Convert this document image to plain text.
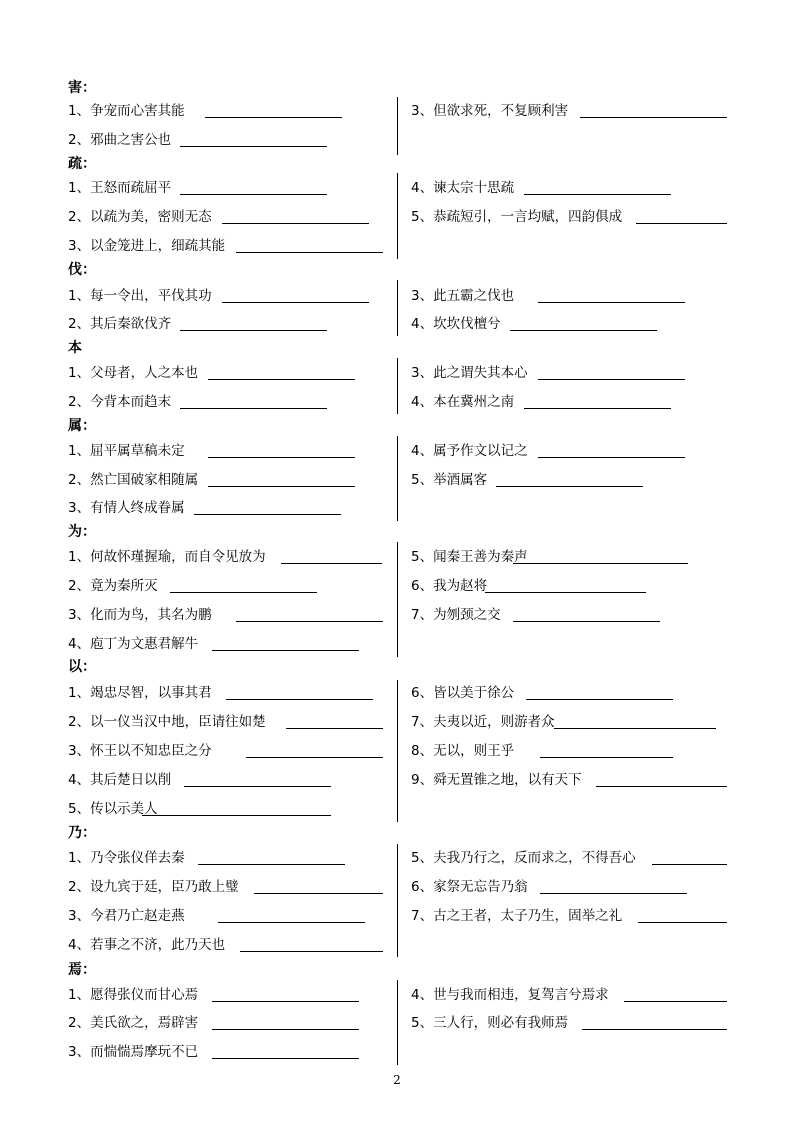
2
害：
1、争宠而心害其能
2、邪曲之害公也
3、但欲求死，不复顾利害
疏：
1、王怒而疏屈平
2、以疏为美，密则无态
3、以金笼进上，细疏其能
4、谏太宗十思疏
5、恭疏短引，一言均赋，四韵俱成
伐：
1、每一令出，平伐其功
2、其后秦欲伐齐
3、此五霸之伐也
4、坎坎伐檀兮
本
1、父母者，人之本也
2、今背本而趋末
3、此之谓失其本心
4、本在冀州之南
属：
1、屈平属草稿未定
2、然亡国破家相随属
3、有情人终成眷属
4、属予作文以记之
5、举酒属客
为：
1、何故怀瑾握瑜，而自令见放为
2、竟为秦所灭
3、化而为鸟，其名为鹏
4、庖丁为文惠君解牛
5、闻秦王善为秦声
6、我为赵将
7、为刎颈之交
以：
1、竭忠尽智，以事其君
2、以一仪当汉中地，臣请往如楚
3、怀王以不知忠臣之分
4、其后楚日以削
5、传以示美人
6、皆以美于徐公
7、夫夷以近，则游者众
8、无以，则王乎
9、舜无置锥之地，以有天下
乃：
1、乃令张仪佯去秦
2、设九宾于廷，臣乃敢上璧
3、今君乃亡赵走燕
4、若事之不济，此乃天也
5、夫我乃行之，反而求之，不得吾心
6、家祭无忘告乃翁
7、古之王者，太子乃生，固举之礼
焉：
1、愿得张仪而甘心焉
2、美氏欲之，焉辟害
3、而惴惴焉摩玩不已
4、世与我而相违，复驾言兮焉求
5、三人行，则必有我师焉
